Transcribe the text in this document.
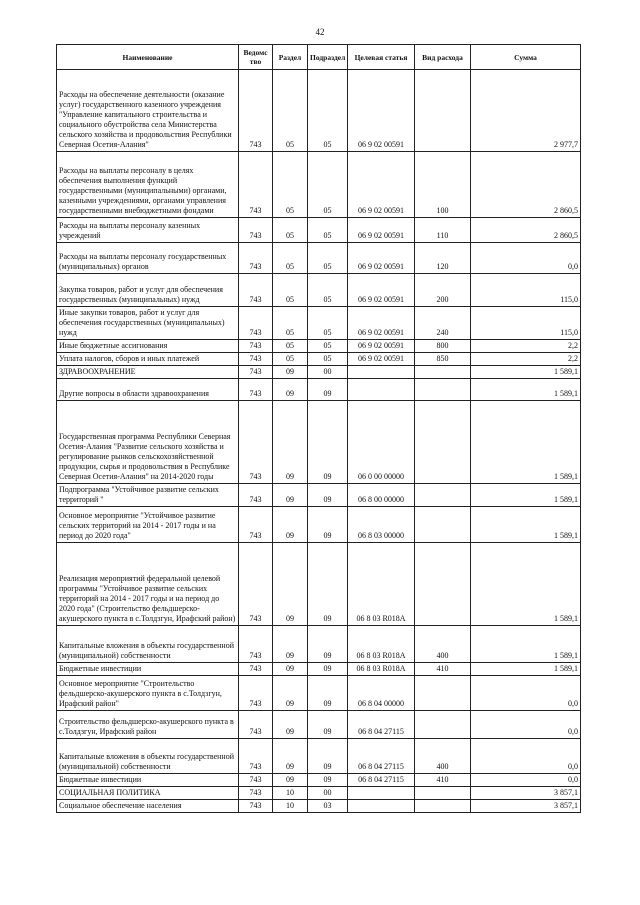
42
Наименование	Ведомс тво	Раздел	Подраздел	Целевая статья	Вид расхода	Сумма
Расходы на обеспечение деятельности (оказание услуг) государственного казенного учреждения "Управление капитального строительства и социального обустройства села Министерства сельского хозяйства и продовольствия Республики Северная Осетия-Алания"	743	05	05	06 9 02 00591		2 977,7
Расходы на выплаты персоналу в целях обеспечения выполнения функций государственными (муниципальными) органами, казенными учреждениями, органами управления государственными внебюджетными фондами	743	05	05	06 9 02 00591	100	2 860,5
Расходы на выплаты персоналу казенных учреждений	743	05	05	06 9 02 00591	110	2 860,5
Расходы на выплаты персоналу государственных (муниципальных) органов	743	05	05	06 9 02 00591	120	0,0
Закупка товаров, работ и услуг для обеспечения государственных (муниципальных) нужд	743	05	05	06 9 02 00591	200	115,0
Иные закупки товаров, работ и услуг для обеспечения государственных (муниципальных) нужд	743	05	05	06 9 02 00591	240	115,0
Иные бюджетные ассигнования	743	05	05	06 9 02 00591	800	2,2
Уплата налогов, сборов и иных платежей	743	05	05	06 9 02 00591	850	2,2
ЗДРАВООХРАНЕНИЕ	743	09	00			1 589,1
Другие вопросы в области здравоохранения	743	09	09			1 589,1
Государственная программа Республики Северная Осетия-Алания "Развитие сельского хозяйства и регулирование рынков сельскохозяйственной продукции, сырья и продовольствия в Республике Северная Осетия-Алания" на 2014-2020 годы	743	09	09	06 0 00 00000		1 589,1
Подпрограмма "Устойчивое развитие сельских территорий "	743	09	09	06 8 00 00000		1 589,1
Основное мероприятие "Устойчивое развитие сельских территорий на 2014 - 2017 годы и на период до 2020 года"	743	09	09	06 8 03 00000		1 589,1
Реализация мероприятий федеральной целевой программы "Устойчивое развитие сельских территорий на 2014 - 2017 годы и на период до 2020 года" (Строительство фельдшерско-акушерского пункта в с.Толдзгун, Ирафский район)	743	09	09	06 8 03 R018A		1 589,1
Капитальные вложения в объекты государственной (муниципальной) собственности	743	09	09	06 8 03 R018A	400	1 589,1
Бюджетные инвестиции	743	09	09	06 8 03 R018A	410	1 589,1
Основное мероприятие "Строительство фельдшерско-акушерского пункта в с.Толдзгун, Ирафский район"	743	09	09	06 8 04 00000		0,0
Строительство фельдшерско-акушерского пункта в с.Толдзгун, Ирафский район	743	09	09	06 8 04 27115		0,0
Капитальные вложения в объекты государственной (муниципальной) собственности	743	09	09	06 8 04 27115	400	0,0
Бюджетные инвестиции	743	09	09	06 8 04 27115	410	0,0
СОЦИАЛЬНАЯ ПОЛИТИКА	743	10	00			3 857,1
Социальное обеспечение населения	743	10	03			3 857,1
